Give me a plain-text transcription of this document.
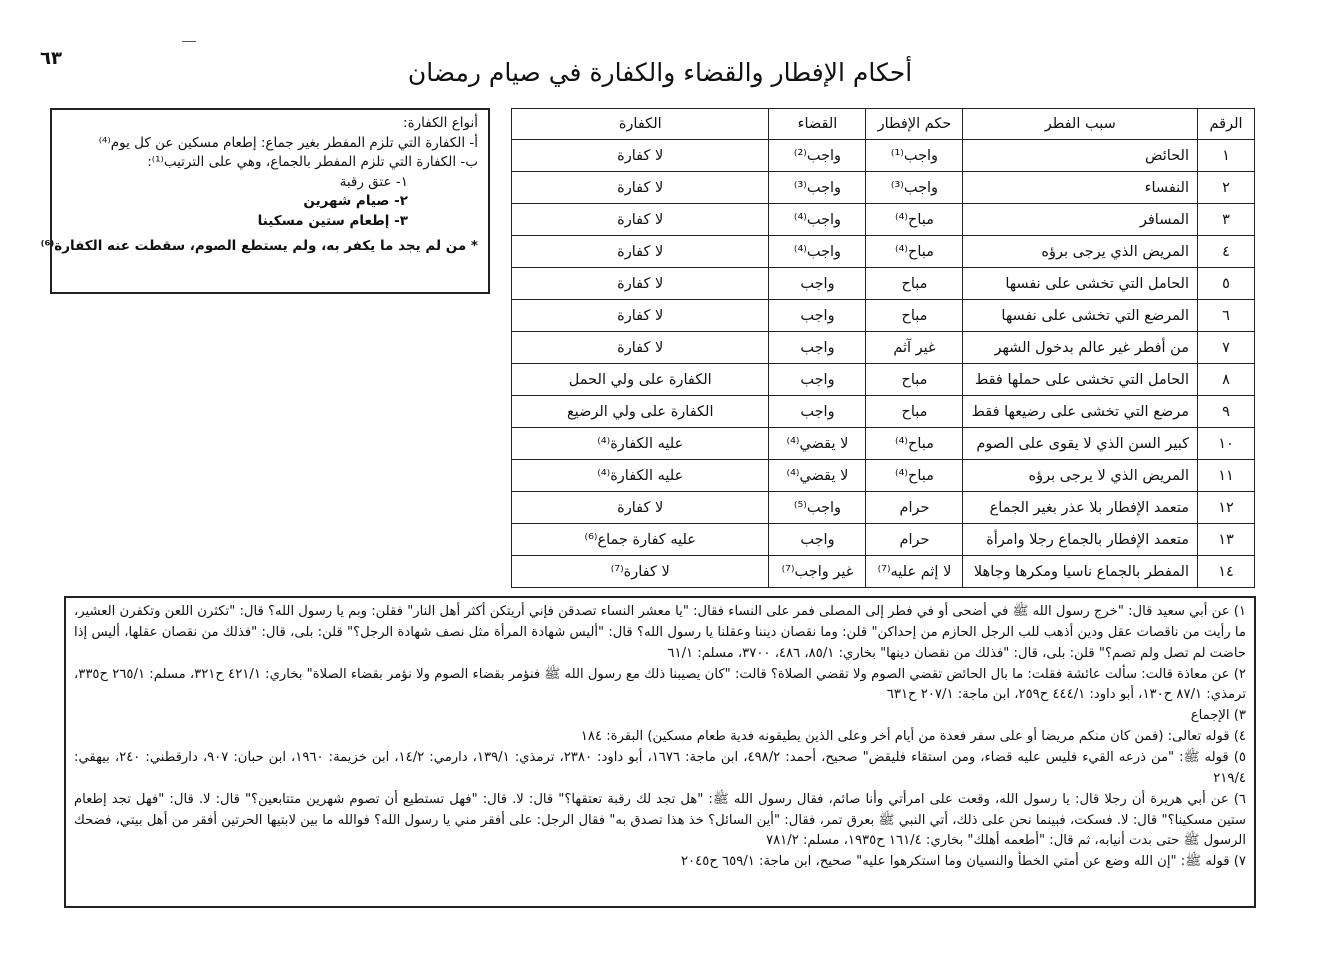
٦٣	أحكام الإفطار والقضاء والكفارة في صيام رمضان
أنواع الكفارة:
أ- الكفارة التي تلزم المفطر بغير جماع: إطعام مسكين عن كل يوم⁽⁴⁾
ب- الكفارة التي تلزم المفطر بالجماع، وهي على الترتيب⁽¹⁾:
١- عتق رقبة
٢- صيام شهرين
٣- إطعام ستين مسكينا
* من لم يجد ما يكفر به، ولم يستطع الصوم، سقطت عنه الكفارة⁽⁶⁾
الرقم	سبب الفطر	حكم الإفطار	القضاء	الكفارة
١	الحائض	واجب⁽¹⁾	واجب⁽²⁾	لا كفارة
٢	النفساء	واجب⁽³⁾	واجب⁽³⁾	لا كفارة
٣	المسافر	مباح⁽⁴⁾	واجب⁽⁴⁾	لا كفارة
٤	المريض الذي يرجى برؤه	مباح⁽⁴⁾	واجب⁽⁴⁾	لا كفارة
٥	الحامل التي تخشى على نفسها	مباح	واجب	لا كفارة
٦	المرضع التي تخشى على نفسها	مباح	واجب	لا كفارة
٧	من أفطر غير عالم بدخول الشهر	غير آثم	واجب	لا كفارة
٨	الحامل التي تخشى على حملها فقط	مباح	واجب	الكفارة على ولي الحمل
٩	مرضع التي تخشى على رضيعها فقط	مباح	واجب	الكفارة على ولي الرضيع
١٠	كبير السن الذي لا يقوى على الصوم	مباح⁽⁴⁾	لا يقضي⁽⁴⁾	عليه الكفارة⁽⁴⁾
١١	المريض الذي لا يرجى برؤه	مباح⁽⁴⁾	لا يقضي⁽⁴⁾	عليه الكفارة⁽⁴⁾
١٢	متعمد الإفطار بلا عذر بغير الجماع	حرام	واجب⁽⁵⁾	لا كفارة
١٣	متعمد الإفطار بالجماع رجلا وامرأة	حرام	واجب	عليه كفارة جماع⁽⁶⁾
١٤	المفطر بالجماع ناسيا ومكرها وجاهلا	لا إثم عليه⁽⁷⁾	غير واجب⁽⁷⁾	لا كفارة⁽⁷⁾

١) عن أبي سعيد قال: "خرج رسول الله ﷺ في أضحى أو في فطر إلى المصلى فمر على النساء فقال: "يا معشر النساء تصدقن فإني أريتكن أكثر أهل النار" فقلن: وبم يا رسول الله؟ قال: "تكثرن اللعن وتكفرن العشير، ما رأيت من ناقصات عقل ودين أذهب للب الرجل الحازم من إحداكن" قلن: وما نقصان ديننا وعقلنا يا رسول الله؟ قال: "أليس شهادة المرأة مثل نصف شهادة الرجل؟" قلن: بلى، قال: "فذلك من نقصان عقلها، أليس إذا حاضت لم تصل ولم تصم؟" قلن: بلى، قال: "فذلك من نقصان دينها" بخاري: ٨٥/١، ٤٨٦، ٣٧٠٠، مسلم: ٦١/١

٢) عن معاذة قالت: سألت عائشة فقلت: ما بال الحائض تقضي الصوم ولا تقضي الصلاة؟ قالت: "كان يصيبنا ذلك مع رسول الله ﷺ فنؤمر بقضاء الصوم ولا نؤمر بقضاء الصلاة" بخاري: ٤٢١/١ ح٣٢١، مسلم: ٢٦٥/١ ح٣٣٥، ترمذي: ٨٧/١ ح١٣٠، أبو داود: ٤٤٤/١ ح٢٥٩، ابن ماجة: ٢٠٧/١ ح٦٣١

٣) الإجماع

٤) قوله تعالى: (فمن كان منكم مريضا أو على سفر فعدة من أيام أخر وعلى الذين يطيقونه فدية طعام مسكين) البقرة: ١٨٤

٥) قوله ﷺ: "من ذرعه القيء فليس عليه قضاء، ومن استقاء فليقض" صحيح، أحمد: ٤٩٨/٢، ابن ماجة: ١٦٧٦، أبو داود: ٢٣٨٠، ترمذي: ١٣٩/١، دارمي: ١٤/٢، ابن خزيمة: ١٩٦٠، ابن حبان: ٩٠٧، دارقطني: ٢٤٠، بيهقي: ٢١٩/٤

٦) عن أبي هريرة أن رجلا قال: يا رسول الله، وقعت على امرأتي وأنا صائم، فقال رسول الله ﷺ: "هل تجد لك رقبة تعتقها؟" قال: لا. قال: "فهل تستطيع أن تصوم شهرين متتابعين؟" قال: لا. قال: "فهل تجد إطعام ستين مسكينا؟" قال: لا. فسكت، فبينما نحن على ذلك، أتي النبي ﷺ بعرق تمر، فقال: "أين السائل؟ خذ هذا تصدق به" فقال الرجل: على أفقر مني يا رسول الله؟ فوالله ما بين لابتيها الحرتين أفقر من أهل بيتي، فضحك الرسول ﷺ حتى بدت أنيابه، ثم قال: "أطعمه أهلك" بخاري: ١٦١/٤ ح١٩٣٥، مسلم: ٧٨١/٢

٧) قوله ﷺ: "إن الله وضع عن أمتي الخطأ والنسيان وما استكرهوا عليه" صحيح، ابن ماجة: ٦٥٩/١ ح٢٠٤٥
